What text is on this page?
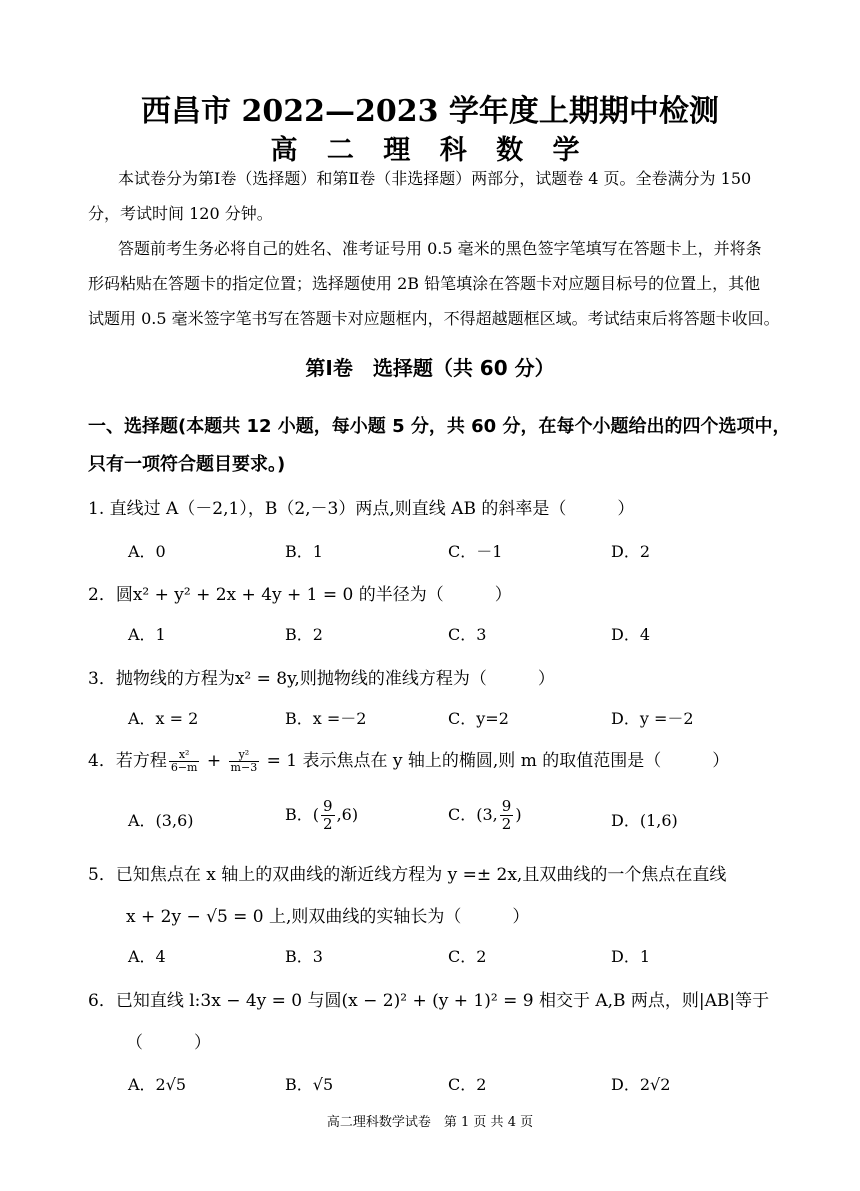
西昌市 2022—2023 学年度上期期中检测
高 二 理 科 数 学
本试卷分为第Ⅰ卷（选择题）和第Ⅱ卷（非选择题）两部分，试题卷 4 页。全卷满分为 150
分，考试时间 120 分钟。
答题前考生务必将自己的姓名、准考证号用 0.5 毫米的黑色签字笔填写在答题卡上，并将条
形码粘贴在答题卡的指定位置；选择题使用 2B 铅笔填涂在答题卡对应题目标号的位置上，其他
试题用 0.5 毫米签字笔书写在答题卡对应题框内，不得超越题框区域。考试结束后将答题卡收回。
第Ⅰ卷　选择题（共 60 分）
一、选择题(本题共 12 小题，每小题 5 分，共 60 分，在每个小题给出的四个选项中，
只有一项符合题目要求。)
1. 直线过 A（－2,1），B（2,－3）两点,则直线 AB 的斜率是（　　　）
A．0	B．1	C．－1	D．2
2．圆x² + y² + 2x + 4y + 1 = 0 的半径为（　　　）
A．1	B．2	C．3	D．4
3．抛物线的方程为x² = 8y,则抛物线的准线方程为（　　　）
A．x = 2	B．x =－2	C．y=2	D．y =－2
4．若方程 $\frac{\text{x²}}{6-m} + \frac{\text{y²}}{m-3} = 1$ 表示焦点在 y 轴上的椭圆,则 m 的取值范围是（　　　）
A．(3,6)	B．( $\frac{9}{2} ,6$)	C．(3, $\frac{9}{2}$ )	D．(1,6)
5．已知焦点在 x 轴上的双曲线的渐近线方程为 y =± 2x,且双曲线的一个焦点在直线
x + 2y − √5 = 0 上,则双曲线的实轴长为（　　　）
A．4	B．3	C．2	D．1
6．已知直线 l:3x − 4y = 0 与圆(x − 2)² + (y + 1)² = 9 相交于 A,B 两点，则|AB|等于
（　　　）
A．2√5	B．√5	C．2	D．2√2
高二理科数学试卷　第 1 页 共 4 页
